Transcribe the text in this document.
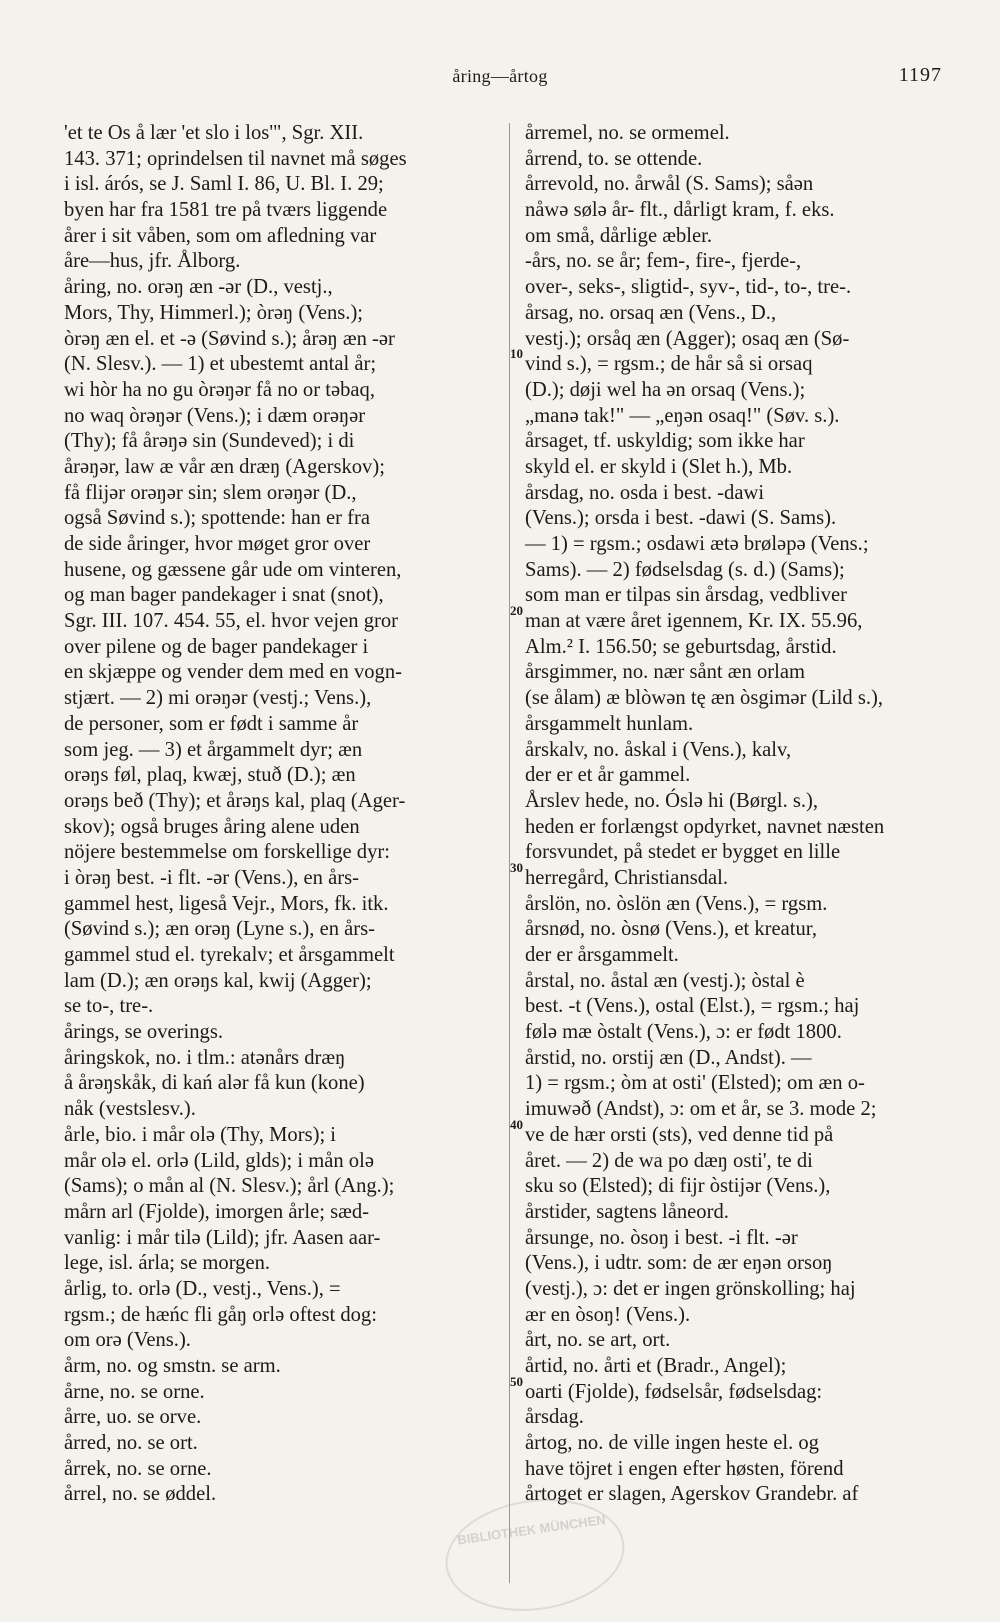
åring—årtog	1197
'et te Os å lær 'et slo i los'", Sgr. XII.
143. 371; oprindelsen til navnet må søges
i isl. árós, se J. Saml I. 86, U. Bl. I. 29;
byen har fra 1581 tre på tværs liggende
årer i sit våben, som om afledning var
åre—hus, jfr. Ålborg.
åring, no. orəŋ æn -ər (D., vestj.,
Mors, Thy, Himmerl.); òrəŋ (Vens.);
òrəŋ æn el. et -ə (Søvind s.); årəŋ æn -ər
(N. Slesv.). — 1) et ubestemt antal år;
wi hòr ha no gu òrəŋər få no or təbaq,
no waq òrəŋər (Vens.); i dæm orəŋər
(Thy); få årəŋə sin (Sundeved); i di
årəŋər, law æ vår æn dræŋ (Agerskov);
få flijər orəŋər sin; slem orəŋər (D.,
også Søvind s.); spottende: han er fra
de side åringer, hvor møget gror over
husene, og gæssene går ude om vinteren,
og man bager pandekager i snat (snot),
Sgr. III. 107. 454. 55, el. hvor vejen gror
over pilene og de bager pandekager i
en skjæppe og vender dem med en vogn-
stjært. — 2) mi orəŋər (vestj.; Vens.),
de personer, som er født i samme år
som jeg. — 3) et årgammelt dyr; æn
orəŋs føl, plaq, kwæj, stuð (D.); æn
orəŋs beð (Thy); et årəŋs kal, plaq (Ager-
skov); også bruges åring alene uden
nöjere bestemmelse om forskellige dyr:
i òrəŋ best. -i flt. -ər (Vens.), en års-
gammel hest, ligeså Vejr., Mors, fk. itk.
(Søvind s.); æn orəŋ (Lyne s.), en års-
gammel stud el. tyrekalv; et årsgammelt
lam (D.); æn orəŋs kal, kwij (Agger);
se to-, tre-.
årings, se overings.
åringskok, no. i tlm.: atənårs dræŋ
å årəŋskåk, di kań alər få kun (kone)
nåk (vestslesv.).
årle, bio. i mår olə (Thy, Mors); i
mår olə el. orlə (Lild, glds); i mån olə
(Sams); o mån al (N. Slesv.); årl (Ang.);
mårn arl (Fjolde), imorgen årle; sæd-
vanlig: i mår tilə (Lild); jfr. Aasen aar-
lege, isl. árla; se morgen.
årlig, to. orlə (D., vestj., Vens.), =
rgsm.; de hæńc fli gåŋ orlə oftest dog:
om orə (Vens.).
årm, no. og smstn. se arm.
årne, no. se orne.
årre, uo. se orve.
årred, no. se ort.
årrek, no. se orne.
årrel, no. se øddel.
årremel, no. se ormemel.
årrend, to. se ottende.
årrevold, no. årwål (S. Sams); såən
nåwə sølə år- flt., dårligt kram, f. eks.
om små, dårlige æbler.
-års, no. se år; fem-, fire-, fjerde-,
over-, seks-, sligtid-, syv-, tid-, to-, tre-.
årsag, no. orsaq æn (Vens., D.,
vestj.); orsåq æn (Agger); osaq æn (Sø-
vind s.), = rgsm.; de hår så si orsaq
(D.); døji wel ha ən orsaq (Vens.);
„manə tak!" — „eŋən osaq!" (Søv. s.).
årsaget, tf. uskyldig; som ikke har
skyld el. er skyld i (Slet h.), Mb.
årsdag, no. osda i best. -dawi
(Vens.); orsda i best. -dawi (S. Sams).
— 1) = rgsm.; osdawi ætə brøləpə (Vens.;
Sams). — 2) fødselsdag (s. d.) (Sams);
som man er tilpas sin årsdag, vedbliver
man at være året igennem, Kr. IX. 55.96,
Alm.² I. 156.50; se geburtsdag, årstid.
årsgimmer, no. nær sånt æn orlam
(se ålam) æ blòwən tę æn òsgimər (Lild s.),
årsgammelt hunlam.
årskalv, no. åskal i (Vens.), kalv,
der er et år gammel.
Årslev hede, no. Óslə hi (Børgl. s.),
heden er forlængst opdyrket, navnet næsten
forsvundet, på stedet er bygget en lille
herregård, Christiansdal.
årslön, no. òslön æn (Vens.), = rgsm.
årsnød, no. òsnø (Vens.), et kreatur,
der er årsgammelt.
årstal, no. åstal æn (vestj.); òstal è
best. -t (Vens.), ostal (Elst.), = rgsm.; haj
følə mæ òstalt (Vens.), ɔ: er født 1800.
årstid, no. orstij æn (D., Andst). —
1) = rgsm.; òm at osti' (Elsted); om æn o-
imuwəð (Andst), ɔ: om et år, se 3. mode 2;
ve de hær orsti (sts), ved denne tid på
året. — 2) de wa po dæŋ osti', te di
sku so (Elsted); di fijr òstijər (Vens.),
årstider, sagtens låneord.
årsunge, no. òsoŋ i best. -i flt. -ər
(Vens.), i udtr. som: de ær eŋən orsoŋ
(vestj.), ɔ: det er ingen grönskolling; haj
ær en òsoŋ! (Vens.).
årt, no. se art, ort.
årtid, no. årti et (Bradr., Angel);
oarti (Fjolde), fødselsår, fødselsdag:
årsdag.
årtog, no. de ville ingen heste el. og
have töjret i engen efter høsten, förend
årtoget er slagen, Agerskov Grandebr. af
10
20
30
40
50
BIBLIOTHEK MÜNCHEN
